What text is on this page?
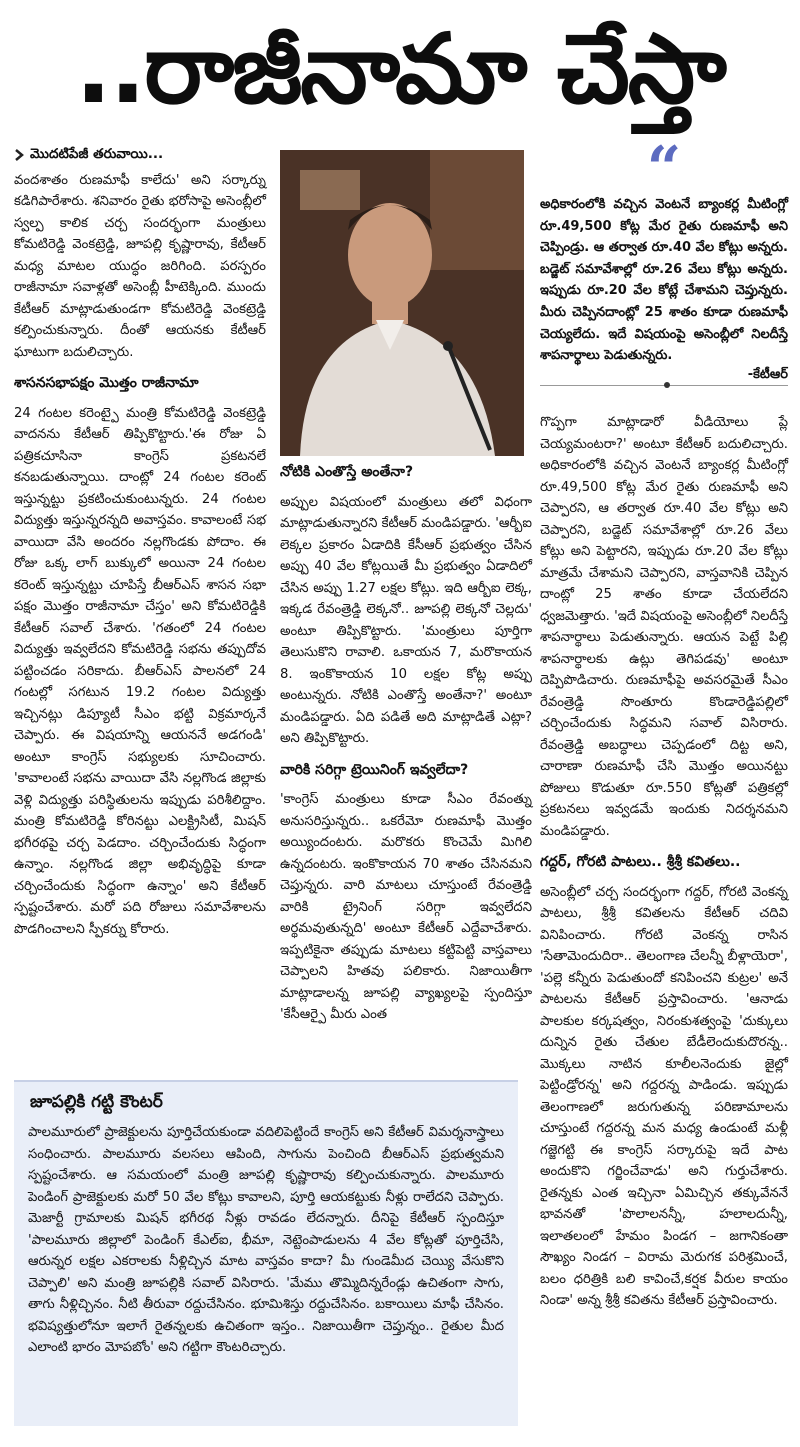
..రాజీనామా చేస్తా
మొదటిపేజీ తరువాయి...

వందశాతం రుణమాఫీ కాలేదు' అని సర్కార్ను కడిగిపారేశారు. శనివారం రైతు భరోసాపై అసెంబ్లీలో స్వల్ప కాలిక చర్చ సందర్భంగా మంత్రులు కోమటిరెడ్డి వెంకట్రెడ్డి, జూపల్లి కృష్ణారావు, కేటీఆర్ మధ్య మాటల యుద్ధం జరిగింది. పరస్పరం రాజీనామా సవాళ్లతో అసెంబ్లీ హీటెక్కింది. ముందు కేటీఆర్ మాట్లాడుతుండగా కోమటిరెడ్డి వెంకట్రెడ్డి కల్పించుకున్నారు. దీంతో ఆయనకు కేటీఆర్ ఘాటుగా బదులిచ్చారు.

శాసనసభాపక్షం మొత్తం రాజీనామా

24 గంటల కరెంట్పై మంత్రి కోమటిరెడ్డి వెంకట్రెడ్డి వాదనను కేటీఆర్ తిప్పికొట్టారు.'ఈ రోజు ఏ పత్రికచూసినా కాంగ్రెస్ ప్రకటనలే కనబడుతున్నాయి. దాంట్లో 24 గంటల కరెంట్ ఇస్తున్నట్టు ప్రకటించుకుంటున్నరు. 24 గంటల విద్యుత్తు ఇస్తున్నరన్నది అవాస్తవం. కావాలంటే సభ వాయిదా వేసి అందరం నల్లగొండకు పోదాం. ఈ రోజు ఒక్క లాగ్ బుక్కులో అయినా 24 గంటల కరెంట్ ఇస్తున్నట్టు చూపిస్తే బీఆర్ఎస్ శాసన సభా పక్షం మొత్తం రాజీనామా చేస్తం' అని కోమటిరెడ్డికి కేటీఆర్ సవాల్ చేశారు. 'గతంలో 24 గంటల విద్యుత్తు ఇవ్వలేదని కోమటిరెడ్డి సభను తప్పుదోవ పట్టించడం సరికాదు. బీఆర్ఎస్ పాలనలో 24 గంటల్లో సగటున 19.2 గంటల విద్యుత్తు ఇచ్చినట్లు డిప్యూటీ సీఎం భట్టి విక్రమార్కనే చెప్పారు. ఈ విషయాన్ని ఆయననే అడగండి' అంటూ కాంగ్రెస్ సభ్యులకు సూచించారు. 'కావాలంటే సభను వాయిదా వేసి నల్లగొండ జిల్లాకు వెళ్లి విద్యుత్తు పరిస్థితులను ఇప్పుడు పరిశీలిద్దాం. మంత్రి కోమటిరెడ్డి కోరినట్టు ఎలక్ట్రిసిటీ, మిషన్ భగీరథపై చర్చ పెడదాం. చర్చించేందుకు సిద్ధంగా ఉన్నాం. నల్లగొండ జిల్లా అభివృద్ధిపై కూడా చర్చించేందుకు సిద్ధంగా ఉన్నాం' అని కేటీఆర్ స్పష్టంచేశారు. మరో పది రోజులు సమావేశాలను పొడగించాలని స్పీకర్ను కోరారు.

నోటికి ఎంతొస్తే అంతేనా?

అప్పుల విషయంలో మంత్రులు తలో విధంగా మాట్లాడుతున్నారని కేటీఆర్ మండిపడ్డారు. 'ఆర్బీఐ లెక్కల ప్రకారం ఏడాదికి కేసీఆర్ ప్రభుత్వం చేసిన అప్పు 40 వేల కోట్లయితే మీ ప్రభుత్వం ఏడాదిలో చేసిన అప్పు 1.27 లక్షల కోట్లు. ఇది ఆర్బీఐ లెక్క, ఇక్కడ రేవంత్రెడ్డి లెక్కనో.. జూపల్లి లెక్కనో చెల్లదు' అంటూ తిప్పికొట్టారు. 'మంత్రులు పూర్తిగా తెలుసుకొని రావాలి. ఒకాయన 7, మరొకాయన 8. ఇంకొకాయన 10 లక్షల కోట్ల అప్పు అంటున్నరు. నోటికి ఎంతొస్తే అంతేనా?' అంటూ మండిపడ్డారు. ఏది పడితే అది మాట్లాడితే ఎట్లా? అని తిప్పికొట్టారు.

వారికి సరిగ్గా ట్రెయినింగ్ ఇవ్వలేదా?

'కాంగ్రెస్ మంత్రులు కూడా సీఎం రేవంత్ను అనుసరిస్తున్నరు.. ఒకరేమో రుణమాఫీ మొత్తం అయ్యిందంటరు. మరొకరు కొంచెమే మిగిలి ఉన్నదంటరు. ఇంకొకాయన 70 శాతం చేసినమని చెప్తున్నరు. వారి మాటలు చూస్తుంటే రేవంత్రెడ్డి వారికి ట్రైనింగ్ సరిగ్గా ఇవ్వలేదని అర్థమవుతున్నది' అంటూ కేటీఆర్ ఎద్దేవాచేశారు. ఇప్పటికైనా తప్పుడు మాటలు కట్టిపెట్టి వాస్తవాలు చెప్పాలని హితవు పలికారు. నిజాయితీగా మాట్లాడాలన్న జూపల్లి వ్యాఖ్యలపై స్పందిస్తూ 'కేసీఆర్పై మీరు ఎంత

“
అధికారంలోకి వచ్చిన వెంటనే బ్యాంకర్ల మీటింగ్లో రూ.49,500 కోట్ల మేర రైతు రుణమాఫీ అని చెప్పిండ్రు. ఆ తర్వాత రూ.40 వేల కోట్లు అన్నరు. బడ్జెట్ సమావేశాల్లో రూ.26 వేలు కోట్లు అన్నరు. ఇప్పుడు రూ.20 వేల కోట్లే చేశామని చెప్తున్నరు. మీరు చెప్పినదాంట్లో 25 శాతం కూడా రుణమాఫీ చెయ్యలేదు. ఇదే విషయంపై అసెంబ్లీలో నిలదీస్తే శాపనార్థాలు పెడుతున్నరు.
-కేటీఆర్

గొప్పగా మాట్లాడారో వీడియోలు ప్లే చెయ్యమంటరా?' అంటూ కేటీఆర్ బదులిచ్చారు. అధికారంలోకి వచ్చిన వెంటనే బ్యాంకర్ల మీటింగ్లో రూ.49,500 కోట్ల మేర రైతు రుణమాఫీ అని చెప్పారని, ఆ తర్వాత రూ.40 వేల కోట్లు అని చెప్పారని, బడ్జెట్ సమావేశాల్లో రూ.26 వేలు కోట్లు అని పెట్టారని, ఇప్పుడు రూ.20 వేల కోట్లు మాత్రమే చేశామని చెప్పారని, వాస్తవానికి చెప్పిన దాంట్లో 25 శాతం కూడా చేయలేదని ధ్వజమెత్తారు. 'ఇదే విషయంపై అసెంబ్లీలో నిలదీస్తే శాపనార్థాలు పెడుతున్నారు. ఆయన పెట్టే పిల్లి శాపనార్థాలకు ఉట్లు తెగిపడవు' అంటూ దెప్పిపొడిచారు. రుణమాఫీపై అవసరమైతే సీఎం రేవంత్రెడ్డి సొంతూరు కొండారెడ్డిపల్లిలో చర్చించేందుకు సిద్ధమని సవాల్ విసిరారు. రేవంత్రెడ్డి అబద్ధాలు చెప్పడంలో దిట్ట అని, చారాణా రుణమాఫీ చేసి మొత్తం అయినట్టు పోజులు కొడుతూ రూ.550 కోట్లతో పత్రికల్లో ప్రకటనలు ఇవ్వడమే ఇందుకు నిదర్శనమని మండిపడ్డారు.

గద్దర్, గోరటి పాటలు.. శ్రీశ్రీ కవితలు..

అసెంబ్లీలో చర్చ సందర్భంగా గద్దర్, గోరటి వెంకన్న పాటలు, శ్రీశ్రీ కవితలను కేటీఆర్ చదివి వినిపించారు. గోరటి వెంకన్న రాసిన 'సేతామెందుదిరా.. తెలంగాణ చేలన్నీ బీళ్లాయెరా', 'పల్లె కన్నీరు పెడుతుందో కనిపించని కుట్రల' అనే పాటలను కేటీఆర్ ప్రస్తావించారు. 'ఆనాడు పాలకుల కర్కషత్వం, నిరంకుశత్వంపై 'దుక్కులు దున్నిన రైతు చేతుల బేడీలెందుకుదొరన్న.. మొక్కలు నాటిన కూలీలనెందుకు జైల్లో పెట్టిండ్రోరన్న' అని గద్దరన్న పాడిండు. ఇప్పుడు తెలంగాణలో జరుగుతున్న పరిణామాలను చూస్తుంటే గద్దరన్న మన మధ్య ఉండుంటే మళ్లీ గజ్జెగట్టి ఈ కాంగ్రెస్ సర్కారుపై ఇదే పాట అందుకొని గర్జించేవాడు' అని గుర్తుచేశారు. రైతన్నకు ఎంత ఇచ్చినా ఏమిచ్చిన తక్కువేననే భావనతో 'పొలాలనన్నీ, హలాలదున్నీ, ఇలాతలంలో హేమం పిండగ – జగానికంతా సౌఖ్యం నిండగ – విరామ మెరుగక పరిశ్రమించే, బలం ధరిత్రికి బలి కావించే,కర్షక వీరుల కాయం నిండా' అన్న శ్రీశ్రీ కవితను కేటీఆర్ ప్రస్తావించారు.

జూపల్లికి గట్టి కౌంటర్
పాలమూరులో ప్రాజెక్టులను పూర్తిచేయకుండా వదిలిపెట్టిందే కాంగ్రెస్ అని కేటీఆర్ విమర్శనాస్త్రాలు సంధించారు. పాలమూరు వలసలు ఆపింది, సాగును పెంచింది బీఆర్ఎస్ ప్రభుత్వమని స్పష్టంచేశారు. ఆ సమయంలో మంత్రి జూపల్లి కృష్ణారావు కల్పించుకున్నారు. పాలమూరు పెండింగ్ ప్రాజెక్టులకు మరో 50 వేల కోట్లు కావాలని, పూర్తి ఆయకట్టుకు నీళ్లు రాలేదని చెప్పారు. మెజార్టీ గ్రామాలకు మిషన్ భగీరథ నీళ్లు రావడం లేదన్నారు. దీనిపై కేటీఆర్ స్పందిస్తూ 'పాలమూరు జిల్లాలో పెండింగ్ కేఎల్ఐ, భీమా, నెట్టెంపాడులను 4 వేల కోట్లతో పూర్తిచేసి, ఆరున్నర లక్షల ఎకరాలకు నీళ్లిచ్చిన మాట వాస్తవం కాదా? మీ గుండెమీద చెయ్యి వేసుకొని చెప్పాలి' అని మంత్రి జూపల్లికి సవాల్ విసిరారు. 'మేము తొమ్మిదిన్నరేండ్లు ఉచితంగా సాగు, తాగు నీళ్లిచ్చినం. నీటి తీరువా రద్దుచేసినం. భూమిశిస్తు రద్దుచేసినం. బకాయిలు మాఫీ చేసినం. భవిష్యత్తులోనూ ఇలాగే రైతన్నలకు ఉచితంగా ఇస్తం.. నిజాయితీగా చెప్తున్నం.. రైతుల మీద ఎలాంటి భారం మోపబోం' అని గట్టిగా కౌంటరిచ్చారు.
